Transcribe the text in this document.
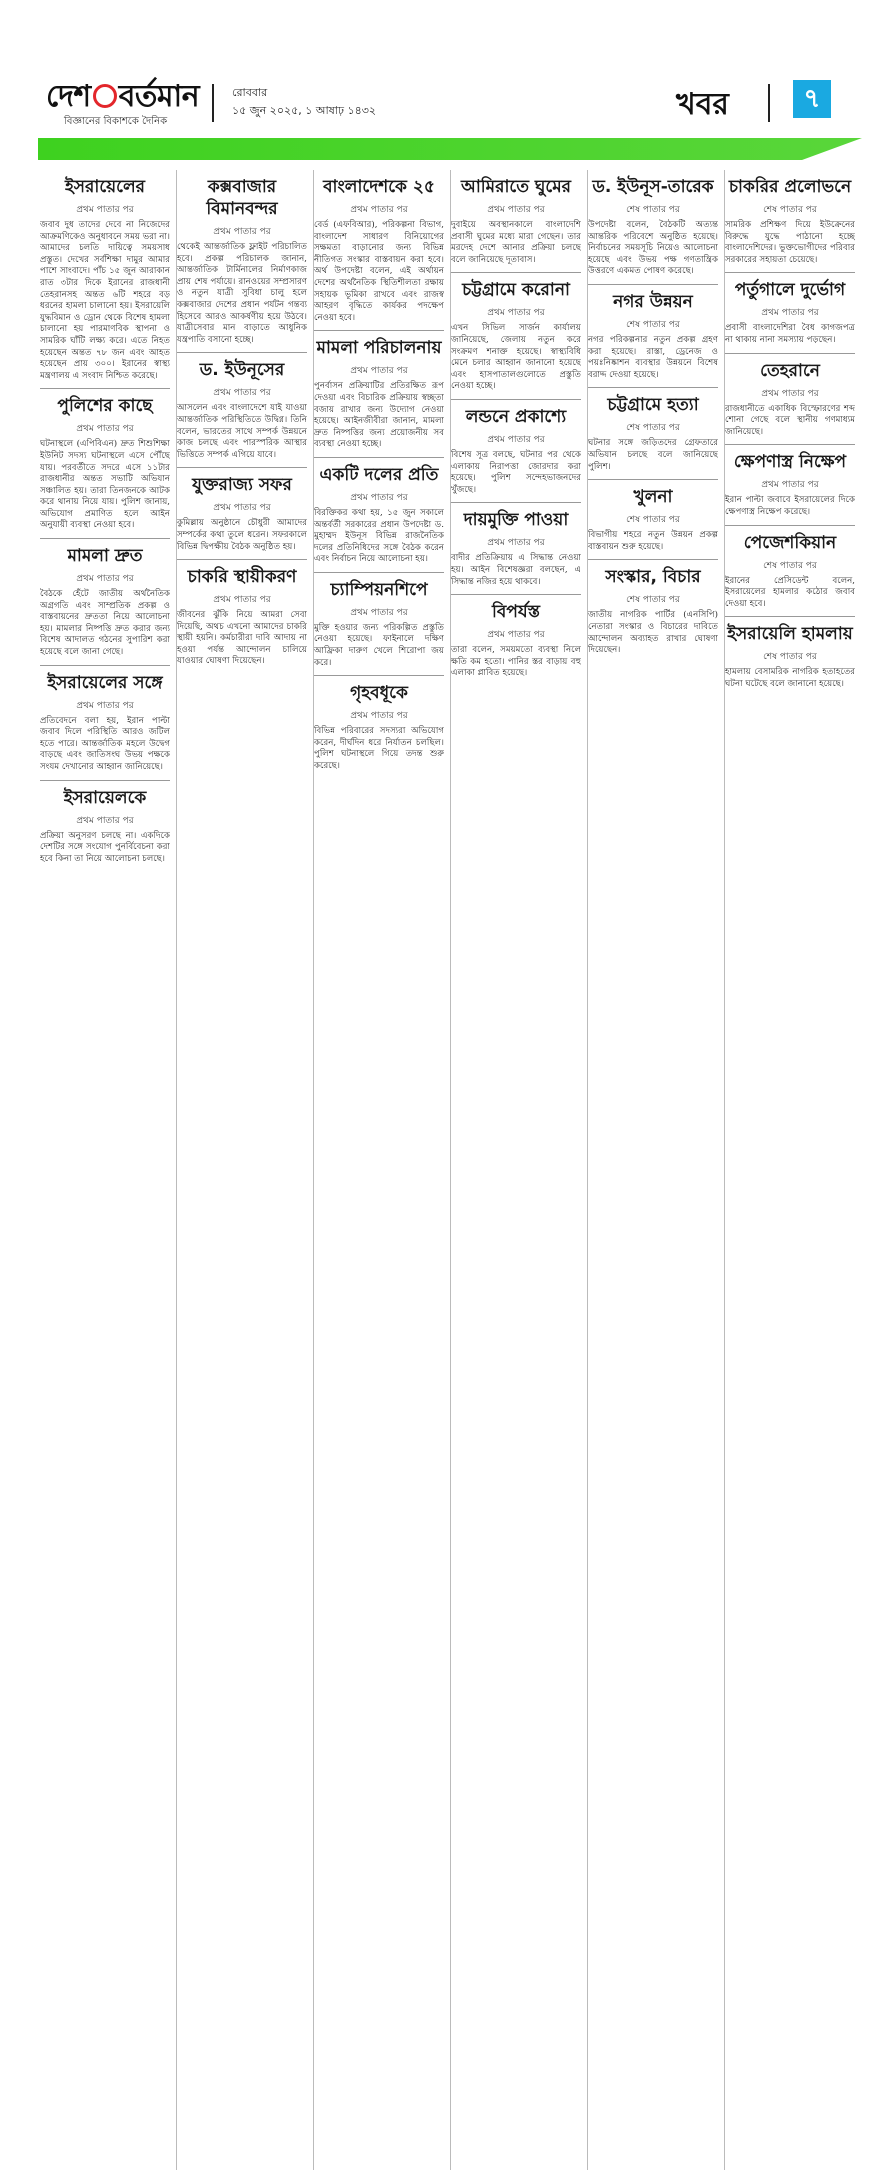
দেশ বর্তমান
বিজ্ঞানের বিকাশকে দৈনিক
রোববার
১৫ জুন ২০২৫, ১ আষাঢ় ১৪৩২	খবর	৭
ইসরায়েলের
প্রথম পাতার পর

জবাব দুধ তাদের দেবে না নিজেদের আক্রমণিকেও অনুধাবনে সময় ভরা না। আমাদের চলতি দায়িত্বে সময়সাধ প্রস্তুত। দেখের সর্বশিক্ষা দামুর আমার পাশে সাংবাদে। পাঁচ ১৫ জুন আরাকান রাত ৩টার দিকে ইরানের রাজধানী তেহরানসহ অন্তত ৬টি শহরে বড় ধরনের হামলা চালানো হয়। ইসরায়েলি যুদ্ধবিমান ও ড্রোন থেকে বিশেষ হামলা চালানো হয় পারমাণবিক স্থাপনা ও সামরিক ঘাঁটি লক্ষ্য করে। এতে নিহত হয়েছেন অন্তত ৭৮ জন এবং আহত হয়েছেন প্রায় ৩০০। ইরানের স্বাস্থ্য মন্ত্রণালয় এ সংবাদ নিশ্চিত করেছে।

পুলিশের কাছে
প্রথম পাতার পর

ঘটনাস্থলে (এপিবিএন) দ্রুত শিশুশিক্ষা ইউনিট সদস্য ঘটনাস্থলে এসে পৌঁছে যায়। পরবর্তীতে সদরে এসে ১১টার রাজধানীর অন্তত সভাটি অভিযান সঞ্চালিত হয়। তারা তিনজনকে আটক করে থানায় নিয়ে যায়। পুলিশ জানায়, অভিযোগ প্রমাণিত হলে আইন অনুযায়ী ব্যবস্থা নেওয়া হবে।

মামলা দ্রুত
প্রথম পাতার পর

বৈঠকে হেঁটে জাতীয় অর্থনৈতিক অগ্রগতি এবং সাম্প্রতিক প্রকল্প ও বাস্তবায়নের দ্রুততা নিয়ে আলোচনা হয়। মামলার নিষ্পত্তি দ্রুত করার জন্য বিশেষ আদালত গঠনের সুপারিশ করা হয়েছে বলে জানা গেছে।

ইসরায়েলের সঙ্গে
প্রথম পাতার পর

প্রতিবেদনে বলা হয়, ইরান পাল্টা জবাব দিলে পরিস্থিতি আরও জটিল হতে পারে। আন্তর্জাতিক মহলে উদ্বেগ বাড়ছে এবং জাতিসংঘ উভয় পক্ষকে সংযম দেখানোর আহ্বান জানিয়েছে।

ইসরায়েলকে
প্রথম পাতার পর

প্রক্রিয়া অনুসরণ চলছে না। একদিকে দেশটির সঙ্গে সংযোগ পুনর্বিবেচনা করা হবে কিনা তা নিয়ে আলোচনা চলছে।

কক্সবাজার বিমানবন্দর
প্রথম পাতার পর

থেকেই আন্তর্জাতিক ফ্লাইট পরিচালিত হবে। প্রকল্প পরিচালক জানান, আন্তর্জাতিক টার্মিনালের নির্মাণকাজ প্রায় শেষ পর্যায়ে। রানওয়ের সম্প্রসারণ ও নতুন যাত্রী সুবিধা চালু হলে কক্সবাজার দেশের প্রধান পর্যটন গন্তব্য হিসেবে আরও আকর্ষণীয় হয়ে উঠবে। যাত্রীসেবার মান বাড়াতে আধুনিক যন্ত্রপাতি বসানো হচ্ছে।

ড. ইউনূসের
প্রথম পাতার পর

আসলেন এবং বাংলাদেশে যাই যাওয়া আন্তর্জাতিক পরিস্থিতিতে উদ্বিগ্ন। তিনি বলেন, ভারতের সাথে সম্পর্ক উন্নয়নে কাজ চলছে এবং পারস্পরিক আস্থার ভিত্তিতে সম্পর্ক এগিয়ে যাবে।

যুক্তরাজ্য সফর
প্রথম পাতার পর

কুমিল্লায় অনুষ্ঠানে চৌধুরী আমাদের সম্পর্কের কথা তুলে ধরেন। সফরকালে বিভিন্ন দ্বিপক্ষীয় বৈঠক অনুষ্ঠিত হয়।

চাকরি স্থায়ীকরণ
প্রথম পাতার পর

জীবনের ঝুঁকি নিয়ে আমরা সেবা দিয়েছি, অথচ এখনো আমাদের চাকরি স্থায়ী হয়নি। কর্মচারীরা দাবি আদায় না হওয়া পর্যন্ত আন্দোলন চালিয়ে যাওয়ার ঘোষণা দিয়েছেন।

বাংলাদেশকে ২৫
প্রথম পাতার পর

বের্ড (এফবিআর), পরিকল্পনা বিভাগ, বাংলাদেশ সাধারণ বিনিয়োগের সক্ষমতা বাড়ানোর জন্য বিভিন্ন নীতিগত সংস্কার বাস্তবায়ন করা হবে। অর্থ উপদেষ্টা বলেন, এই অর্থায়ন দেশের অর্থনৈতিক স্থিতিশীলতা রক্ষায় সহায়ক ভূমিকা রাখবে এবং রাজস্ব আহরণ বৃদ্ধিতে কার্যকর পদক্ষেপ নেওয়া হবে।

মামলা পরিচালনায়
প্রথম পাতার পর

পুনর্বাসন প্রক্রিয়াটির প্রতিরক্ষিত রূপ দেওয়া এবং বিচারিক প্রক্রিয়ায় স্বচ্ছতা বজায় রাখার জন্য উদ্যোগ নেওয়া হয়েছে। আইনজীবীরা জানান, মামলা দ্রুত নিষ্পত্তির জন্য প্রয়োজনীয় সব ব্যবস্থা নেওয়া হচ্ছে।

একটি দলের প্রতি
প্রথম পাতার পর

বিরক্তিকর কথা হয়, ১৫ জুন সকালে অন্তর্বর্তী সরকারের প্রধান উপদেষ্টা ড. মুহাম্মদ ইউনূস বিভিন্ন রাজনৈতিক দলের প্রতিনিধিদের সঙ্গে বৈঠক করেন এবং নির্বাচন নিয়ে আলোচনা হয়।

চ্যাম্পিয়নশিপে
প্রথম পাতার পর

মুক্তি হওয়ার জন্য পরিকল্পিত প্রস্তুতি নেওয়া হয়েছে। ফাইনালে দক্ষিণ আফ্রিকা দারুণ খেলে শিরোপা জয় করে।

গৃহবধূকে
প্রথম পাতার পর

বিভিন্ন পরিবারের সদস্যরা অভিযোগ করেন, দীর্ঘদিন ধরে নির্যাতন চলছিল। পুলিশ ঘটনাস্থলে গিয়ে তদন্ত শুরু করেছে।

আমিরাতে ঘুমের
প্রথম পাতার পর

দুবাইয়ে অবস্থানকালে বাংলাদেশি প্রবাসী ঘুমের মধ্যে মারা গেছেন। তার মরদেহ দেশে আনার প্রক্রিয়া চলছে বলে জানিয়েছে দূতাবাস।

চট্টগ্রামে করোনা
প্রথম পাতার পর

এখন সিভিল সার্জন কার্যালয় জানিয়েছে, জেলায় নতুন করে সংক্রমণ শনাক্ত হয়েছে। স্বাস্থ্যবিধি মেনে চলার আহ্বান জানানো হয়েছে এবং হাসপাতালগুলোতে প্রস্তুতি নেওয়া হচ্ছে।

লন্ডনে প্রকাশ্যে
প্রথম পাতার পর

বিশেষ সূত্র বলছে, ঘটনার পর থেকে এলাকায় নিরাপত্তা জোরদার করা হয়েছে। পুলিশ সন্দেহভাজনদের খুঁজছে।

দায়মুক্তি পাওয়া
প্রথম পাতার পর

বাদীর প্রতিক্রিয়ায় এ সিদ্ধান্ত নেওয়া হয়। আইন বিশেষজ্ঞরা বলছেন, এ সিদ্ধান্ত নজির হয়ে থাকবে।

বিপর্যস্ত
প্রথম পাতার পর

তারা বলেন, সময়মতো ব্যবস্থা নিলে ক্ষতি কম হতো। পানির স্তর বাড়ায় বহু এলাকা প্লাবিত হয়েছে।

ড. ইউনূস-তারেক
শেষ পাতার পর

উপদেষ্টা বলেন, বৈঠকটি অত্যন্ত আন্তরিক পরিবেশে অনুষ্ঠিত হয়েছে। নির্বাচনের সময়সূচি নিয়েও আলোচনা হয়েছে এবং উভয় পক্ষ গণতান্ত্রিক উত্তরণে একমত পোষণ করেছে।

নগর উন্নয়ন
শেষ পাতার পর

নগর পরিকল্পনার নতুন প্রকল্প গ্রহণ করা হয়েছে। রাস্তা, ড্রেনেজ ও পয়ঃনিষ্কাশন ব্যবস্থার উন্নয়নে বিশেষ বরাদ্দ দেওয়া হয়েছে।

চট্টগ্রামে হত্যা
শেষ পাতার পর

ঘটনার সঙ্গে জড়িতদের গ্রেফতারে অভিযান চলছে বলে জানিয়েছে পুলিশ।

খুলনা
শেষ পাতার পর

বিভাগীয় শহরে নতুন উন্নয়ন প্রকল্প বাস্তবায়ন শুরু হয়েছে।

সংস্কার, বিচার
শেষ পাতার পর

জাতীয় নাগরিক পার্টির (এনসিপি) নেতারা সংস্কার ও বিচারের দাবিতে আন্দোলন অব্যাহত রাখার ঘোষণা দিয়েছেন।

চাকরির প্রলোভনে
শেষ পাতার পর

সামরিক প্রশিক্ষণ দিয়ে ইউক্রেনের বিরুদ্ধে যুদ্ধে পাঠানো হচ্ছে বাংলাদেশিদের। ভুক্তভোগীদের পরিবার সরকারের সহায়তা চেয়েছে।

পর্তুগালে দুর্ভোগ
প্রথম পাতার পর

প্রবাসী বাংলাদেশিরা বৈধ কাগজপত্র না থাকায় নানা সমস্যায় পড়ছেন।

তেহরানে
প্রথম পাতার পর

রাজধানীতে একাধিক বিস্ফোরণের শব্দ শোনা গেছে বলে স্থানীয় গণমাধ্যম জানিয়েছে।

ক্ষেপণাস্ত্র নিক্ষেপ
প্রথম পাতার পর

ইরান পাল্টা জবাবে ইসরায়েলের দিকে ক্ষেপণাস্ত্র নিক্ষেপ করেছে।

পেজেশকিয়ান
শেষ পাতার পর

ইরানের প্রেসিডেন্ট বলেন, ইসরায়েলের হামলার কঠোর জবাব দেওয়া হবে।

ইসরায়েলি হামলায়
শেষ পাতার পর

হামলায় বেসামরিক নাগরিক হতাহতের ঘটনা ঘটেছে বলে জানানো হয়েছে।
